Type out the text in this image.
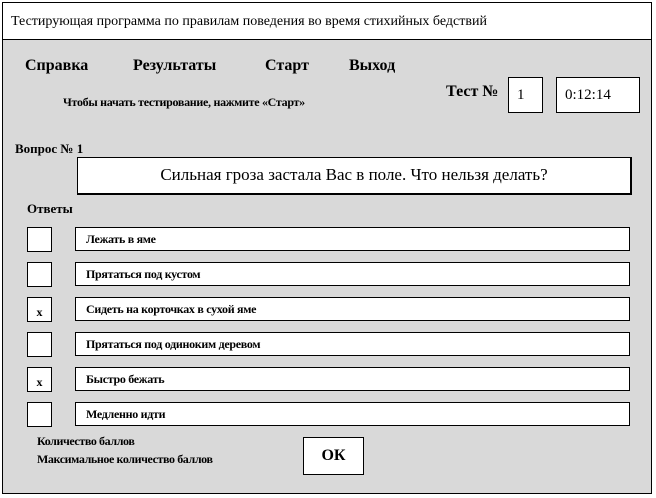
Тестирующая программа по правилам поведения во время стихийных бедствий
Справка	Результаты	Старт	Выход
Чтобы начать тестирование, нажмите «Старт»
Тест №	1	0:12:14
Вопрос № 1
Сильная гроза застала Вас в поле. Что нельзя делать?
Ответы
Лежать в яме
Прятаться под кустом
x	Сидеть на корточках в сухой яме
Прятаться под одиноким деревом
x	Быстро бежать
Медленно идти
Количество баллов
Максимальное количество баллов	ОК
